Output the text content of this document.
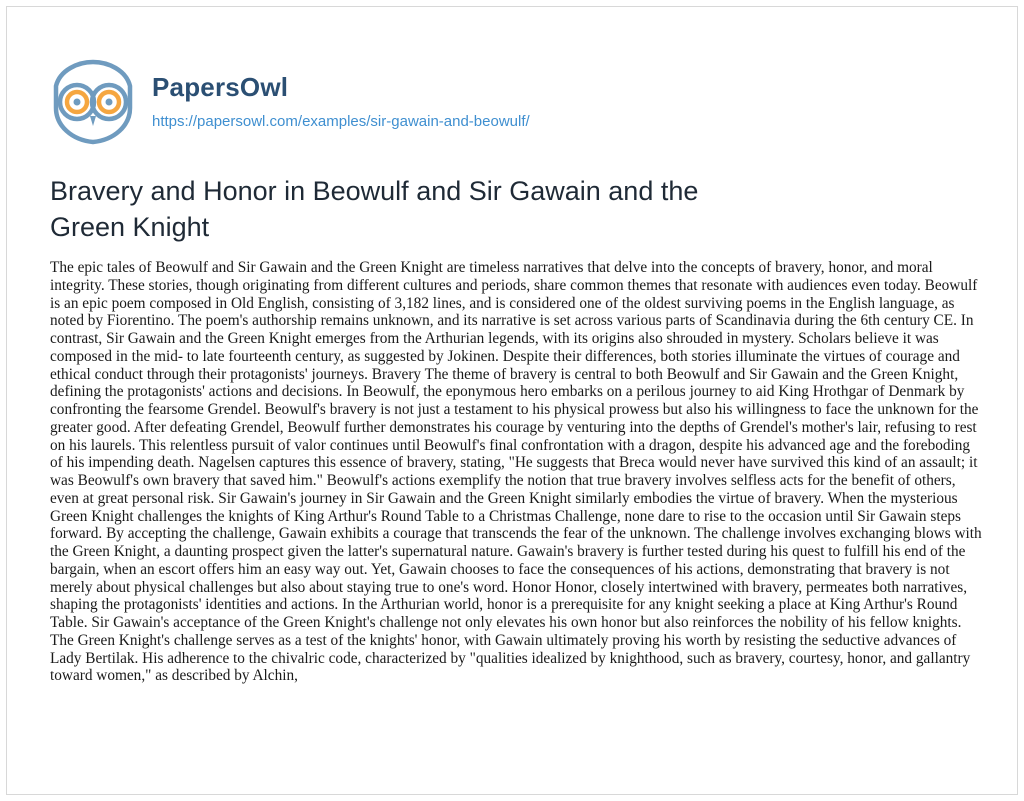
PapersOwl
https://papersowl.com/examples/sir-gawain-and-beowulf/
Bravery and Honor in Beowulf and Sir Gawain and the Green Knight

The epic tales of Beowulf and Sir Gawain and the Green Knight are timeless narratives that delve into the concepts of bravery, honor, and moral integrity. These stories, though originating from different cultures and periods, share common themes that resonate with audiences even today. Beowulf is an epic poem composed in Old English, consisting of 3,182 lines, and is considered one of the oldest surviving poems in the English language, as noted by Fiorentino. The poem's authorship remains unknown, and its narrative is set across various parts of Scandinavia during the 6th century CE. In contrast, Sir Gawain and the Green Knight emerges from the Arthurian legends, with its origins also shrouded in mystery. Scholars believe it was composed in the mid- to late fourteenth century, as suggested by Jokinen. Despite their differences, both stories illuminate the virtues of courage and ethical conduct through their protagonists' journeys. Bravery The theme of bravery is central to both Beowulf and Sir Gawain and the Green Knight, defining the protagonists' actions and decisions. In Beowulf, the eponymous hero embarks on a perilous journey to aid King Hrothgar of Denmark by confronting the fearsome Grendel. Beowulf's bravery is not just a testament to his physical prowess but also his willingness to face the unknown for the greater good. After defeating Grendel, Beowulf further demonstrates his courage by venturing into the depths of Grendel's mother's lair, refusing to rest on his laurels. This relentless pursuit of valor continues until Beowulf's final confrontation with a dragon, despite his advanced age and the foreboding of his impending death. Nagelsen captures this essence of bravery, stating, "He suggests that Breca would never have survived this kind of an assault; it was Beowulf's own bravery that saved him." Beowulf's actions exemplify the notion that true bravery involves selfless acts for the benefit of others, even at great personal risk. Sir Gawain's journey in Sir Gawain and the Green Knight similarly embodies the virtue of bravery. When the mysterious Green Knight challenges the knights of King Arthur's Round Table to a Christmas Challenge, none dare to rise to the occasion until Sir Gawain steps forward. By accepting the challenge, Gawain exhibits a courage that transcends the fear of the unknown. The challenge involves exchanging blows with the Green Knight, a daunting prospect given the latter's supernatural nature. Gawain's bravery is further tested during his quest to fulfill his end of the bargain, when an escort offers him an easy way out. Yet, Gawain chooses to face the consequences of his actions, demonstrating that bravery is not merely about physical challenges but also about staying true to one's word. Honor Honor, closely intertwined with bravery, permeates both narratives, shaping the protagonists' identities and actions. In the Arthurian world, honor is a prerequisite for any knight seeking a place at King Arthur's Round Table. Sir Gawain's acceptance of the Green Knight's challenge not only elevates his own honor but also reinforces the nobility of his fellow knights. The Green Knight's challenge serves as a test of the knights' honor, with Gawain ultimately proving his worth by resisting the seductive advances of Lady Bertilak. His adherence to the chivalric code, characterized by "qualities idealized by knighthood, such as bravery, courtesy, honor, and gallantry toward women," as described by Alchin,
